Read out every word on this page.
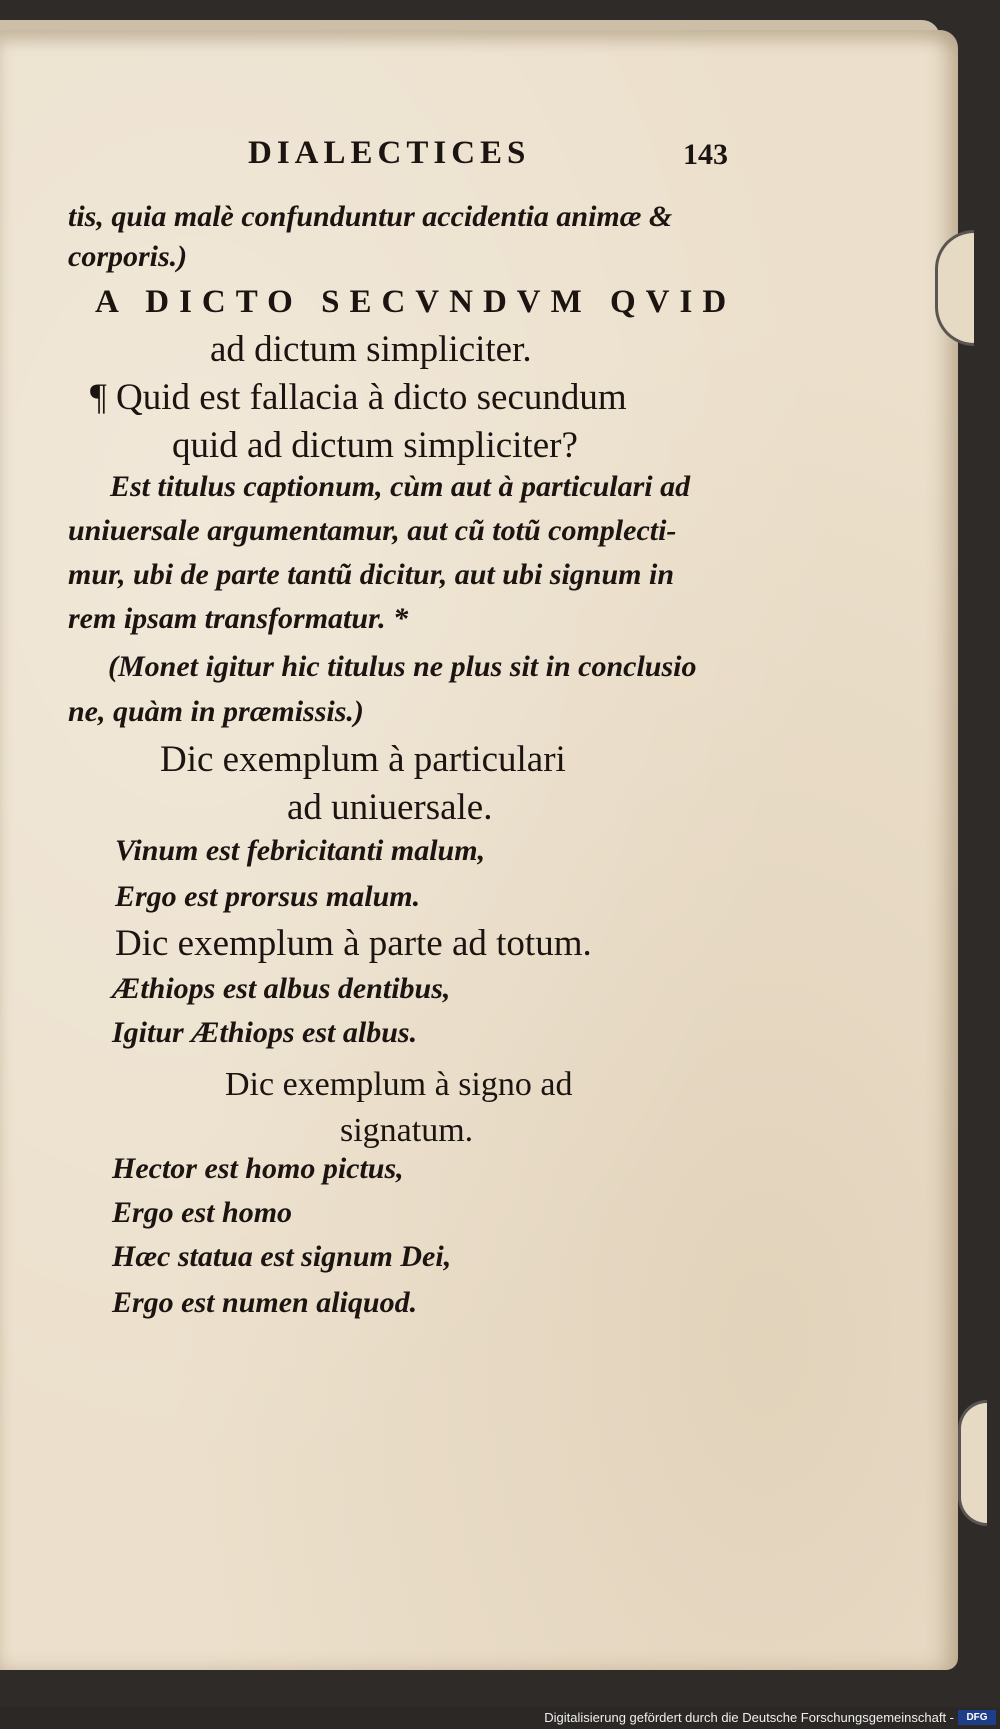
DIALECTICES	143
tis, quia malè confunduntur accidentia animæ &
corporis.)
A DICTO SECVNDVM QVID
ad dictum simpliciter.
¶ Quid est fallacia à dicto secundum
quid ad dictum simpliciter?
Est titulus captionum, cùm aut à particulari ad
uniuersale argumentamur, aut cũ totũ complecti-
mur, ubi de parte tantũ dicitur, aut ubi signum in
rem ipsam transformatur. *
(Monet igitur hic titulus ne plus sit in conclusio
ne, quàm in præmissis.)
Dic exemplum à particulari
ad uniuersale.
Vinum est febricitanti malum,
Ergo est prorsus malum.
Dic exemplum à parte ad totum.
Æthiops est albus dentibus,
Igitur Æthiops est albus.
Dic exemplum à signo ad
signatum.
Hector est homo pictus,
Ergo est homo
Hæc statua est signum Dei,
Ergo est numen aliquod.
Digitalisierung gefördert durch die Deutsche Forschungsgemeinschaft -	DFG
